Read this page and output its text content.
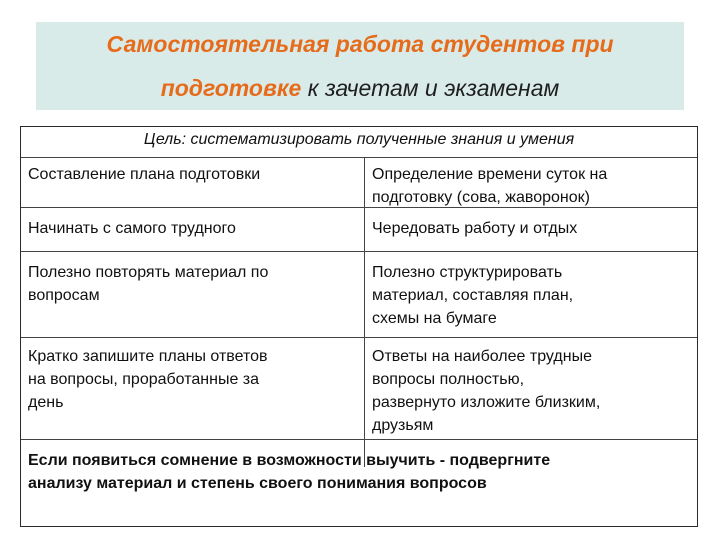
Самостоятельная работа студентов при
подготовке к зачетам и экзаменам
Цель: систематизировать полученные знания и умения

Составление плана подготовки	Определение времени суток на
подготовку (сова, жаворонок)

Начинать с самого трудного	Чередовать работу и отдых

Полезно повторять материал по
вопросам

Полезно структурировать
материал, составляя план,
схемы на бумаге

Кратко запишите планы ответов
на вопросы, проработанные за
день

Ответы на наиболее трудные
вопросы полностью,
развернуто изложите близким,
друзьям

Если появиться сомнение в возможности выучить - подвергните
анализу материал и степень своего понимания вопросов
